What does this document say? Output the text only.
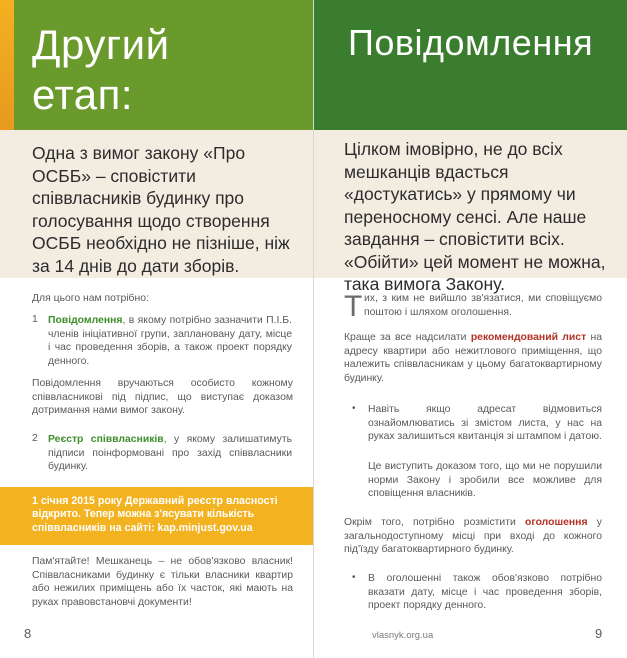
Другий
етап:
Одна з вимог закону «Про ОСББ» – сповістити співвласників будинку про голосування щодо створення ОСББ необхідно не пізніше, ніж за 14 днів до дати зборів.
Для цього нам потрібно:
1 Повідомлення, в якому потрібно зазначити П.І.Б. членів ініціативної групи, заплановану дату, місце і час проведення зборів, а також проект порядку денного.
Повідомлення вручаються особисто кожному співвласникові під підпис, що виступає доказом дотримання нами вимог закону.
2 Реєстр співвласників, у якому залишатимуть підписи поінформовані про захід співвласники будинку.
1 січня 2015 року Державний реєстр власності відкрито. Тепер можна з'ясувати кількість співвласників на сайті: kap.minjust.gov.ua
Пам'ятайте! Мешканець – не обов'язково власник! Співвласниками будинку є тільки власники квартир або нежилих приміщень або їх часток, які мають на руках правовстановчі документи!
8
Повідомлення
Цілком імовірно, не до всіх мешканців вдасться «достукатись» у прямому чи переносному сенсі. Але наше завдання – сповістити всіх. «Обійти» цей момент не можна, така вимога Закону.
Т их, з ким не вийшло зв'язатися, ми сповіщуємо поштою і шляхом оголошення.
Краще за все надсилати рекомендований лист на адресу квартири або нежитлового приміщення, що належить співвласникам у цьому багатоквартирному будинку.
• Навіть якщо адресат відмовиться ознайомлюватись зі змістом листа, у нас на руках залишиться квитанція зі штампом і датою.
Це виступить доказом того, що ми не порушили норми Закону і зробили все можливе для сповіщення власників.
Окрім того, потрібно розмістити оголошення у загальнодоступному місці при вході до кожного під'їзду багатоквартирного будинку.
• В оголошенні також обов'язково потрібно вказати дату, місце і час проведення зборів, проект порядку денного.
9
vlasnyk.org.ua
